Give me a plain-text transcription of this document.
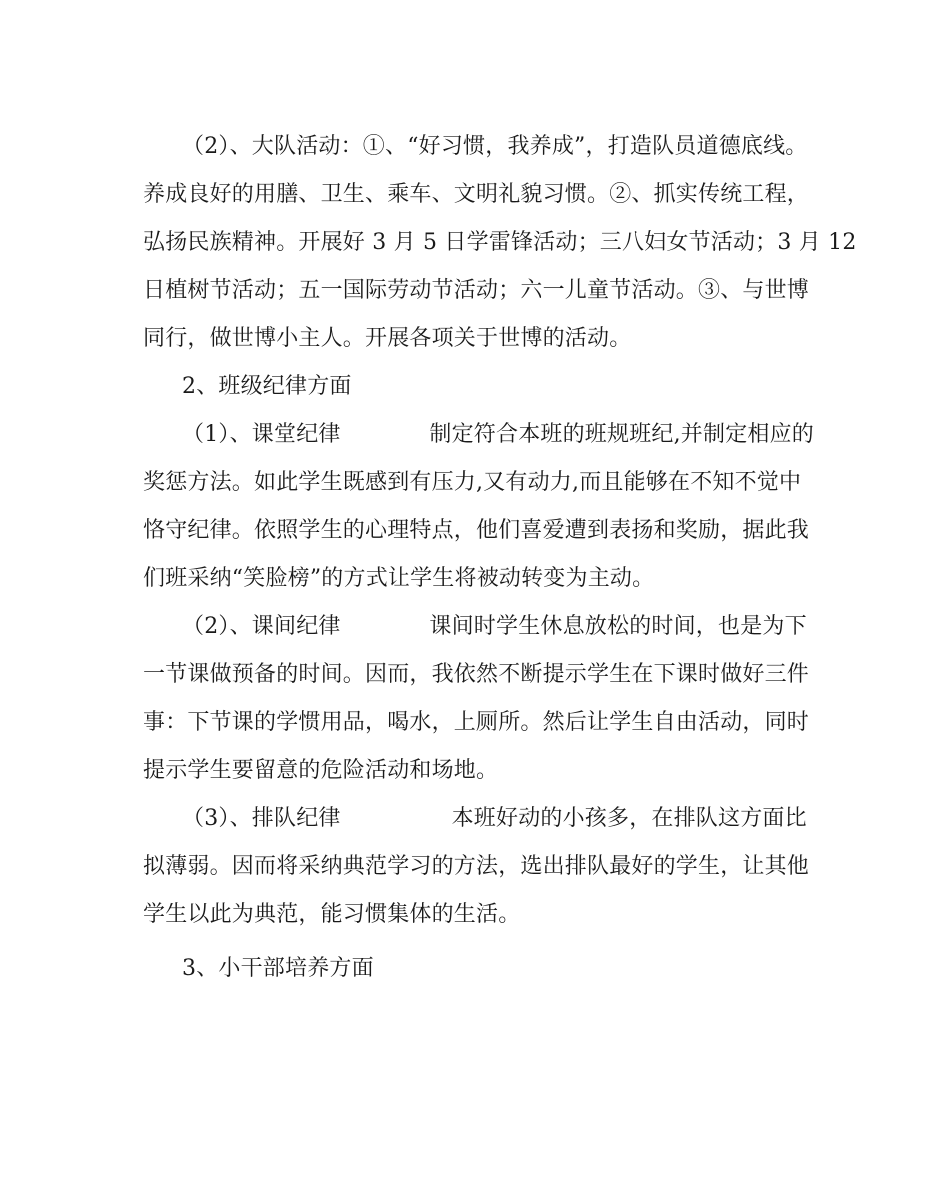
（2）、大队活动：①、“好习惯，我养成”，打造队员道德底线。
养成良好的用膳、卫生、乘车、文明礼貌习惯。②、抓实传统工程，
弘扬民族精神。开展好 3 月 5 日学雷锋活动；三八妇女节活动；3 月 12
日植树节活动；五一国际劳动节活动；六一儿童节活动。③、与世博
同行，做世博小主人。开展各项关于世博的活动。
2、班级纪律方面
（1）、课堂纪律　　　　制定符合本班的班规班纪,并制定相应的
奖惩方法。如此学生既感到有压力,又有动力,而且能够在不知不觉中
恪守纪律。依照学生的心理特点，他们喜爱遭到表扬和奖励，据此我
们班采纳“笑脸榜”的方式让学生将被动转变为主动。
（2）、课间纪律　　　　课间时学生休息放松的时间，也是为下
一节课做预备的时间。因而，我依然不断提示学生在下课时做好三件
事：下节课的学惯用品，喝水，上厕所。然后让学生自由活动，同时
提示学生要留意的危险活动和场地。
（3）、排队纪律　　　　　本班好动的小孩多，在排队这方面比
拟薄弱。因而将采纳典范学习的方法，选出排队最好的学生，让其他
学生以此为典范，能习惯集体的生活。
3、小干部培养方面
